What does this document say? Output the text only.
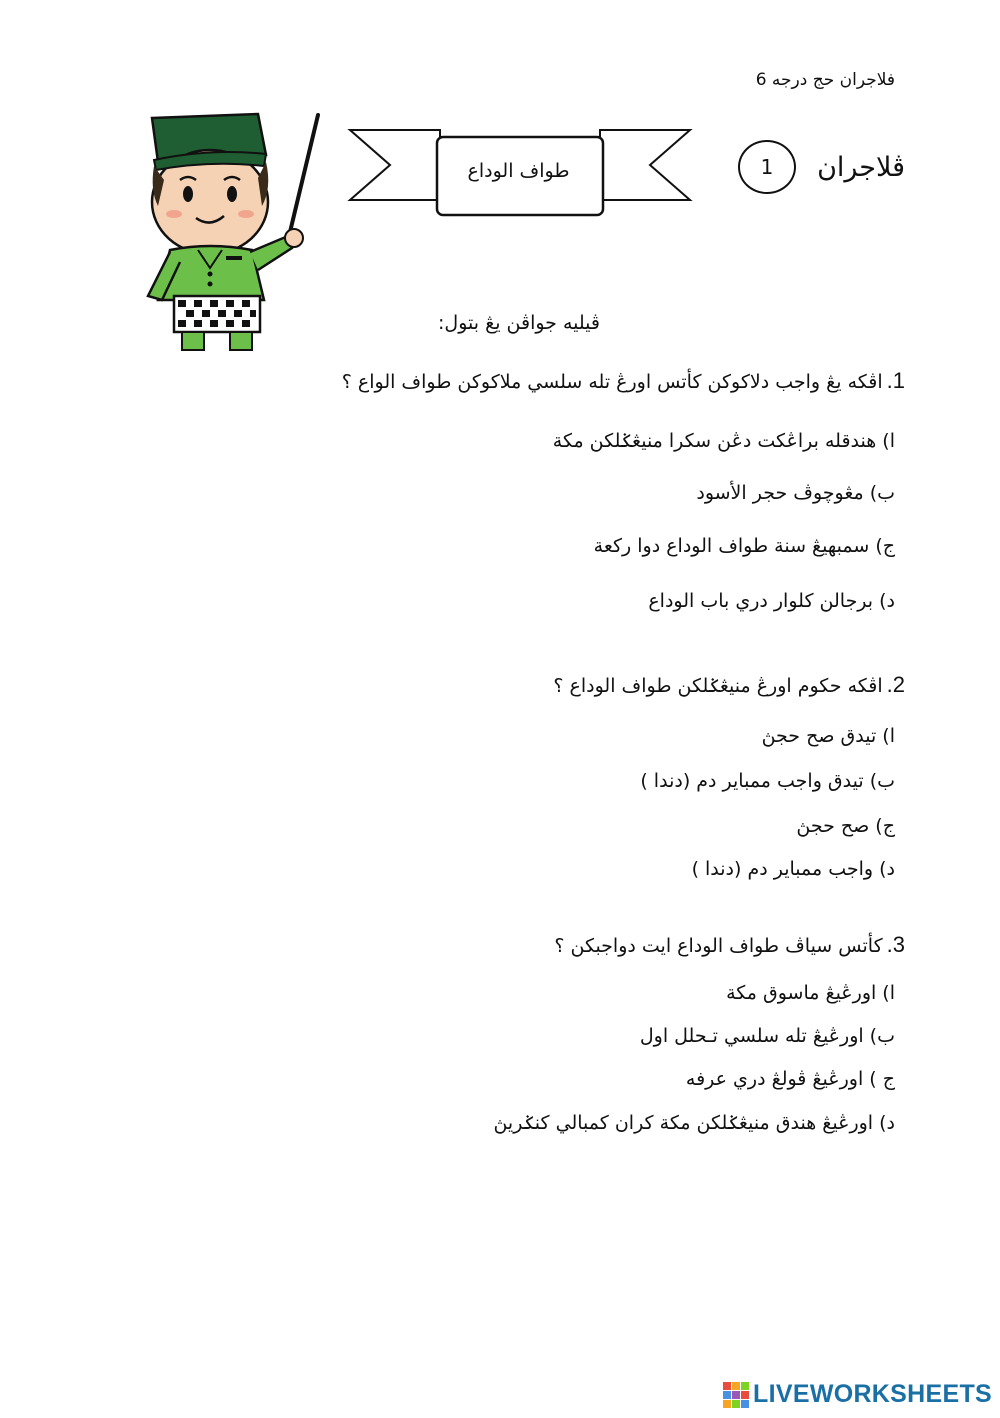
فلاجران حج درجه 6
ڤلاجران
1
طواف الوداع
ڤيليه جواڤن يڠ بتول:
1.
اڤكه يڠ واجب دلاکوکن کأتس اورڠ تله سلسي ملاکوکن طواف الواع ؟
ا) هندقله براڠکت دڠن سکرا منيڠݢلکن مکة
ب) مڠوچوڤ حجر الأسود
ج) سمبهيڠ سنة طواف الوداع دوا رکعة
د) برجالن کلوار دري باب الوداع
2.
اڤکه حکوم اورڠ منيڠݢلکن طواف الوداع ؟
ا) تيدق صح حجڽ
ب) تيدق واجب ممباير دم (دندا )
ج) صح حجڽ
د) واجب ممباير دم (دندا )
3.
کأتس سياڤ طواف الوداع ايت دواجبکن ؟
ا) اورڠيڠ ماسوق مکة
ب) اورڠيڠ تله سلسي تـحلل اول
ج ) اورڠيڠ ڤولڠ دري عرفه
د) اورڠيڠ هندق منيڠݢلکن مکة کران کمبالي کنݢريڽ
LIVEWORKSHEETS
